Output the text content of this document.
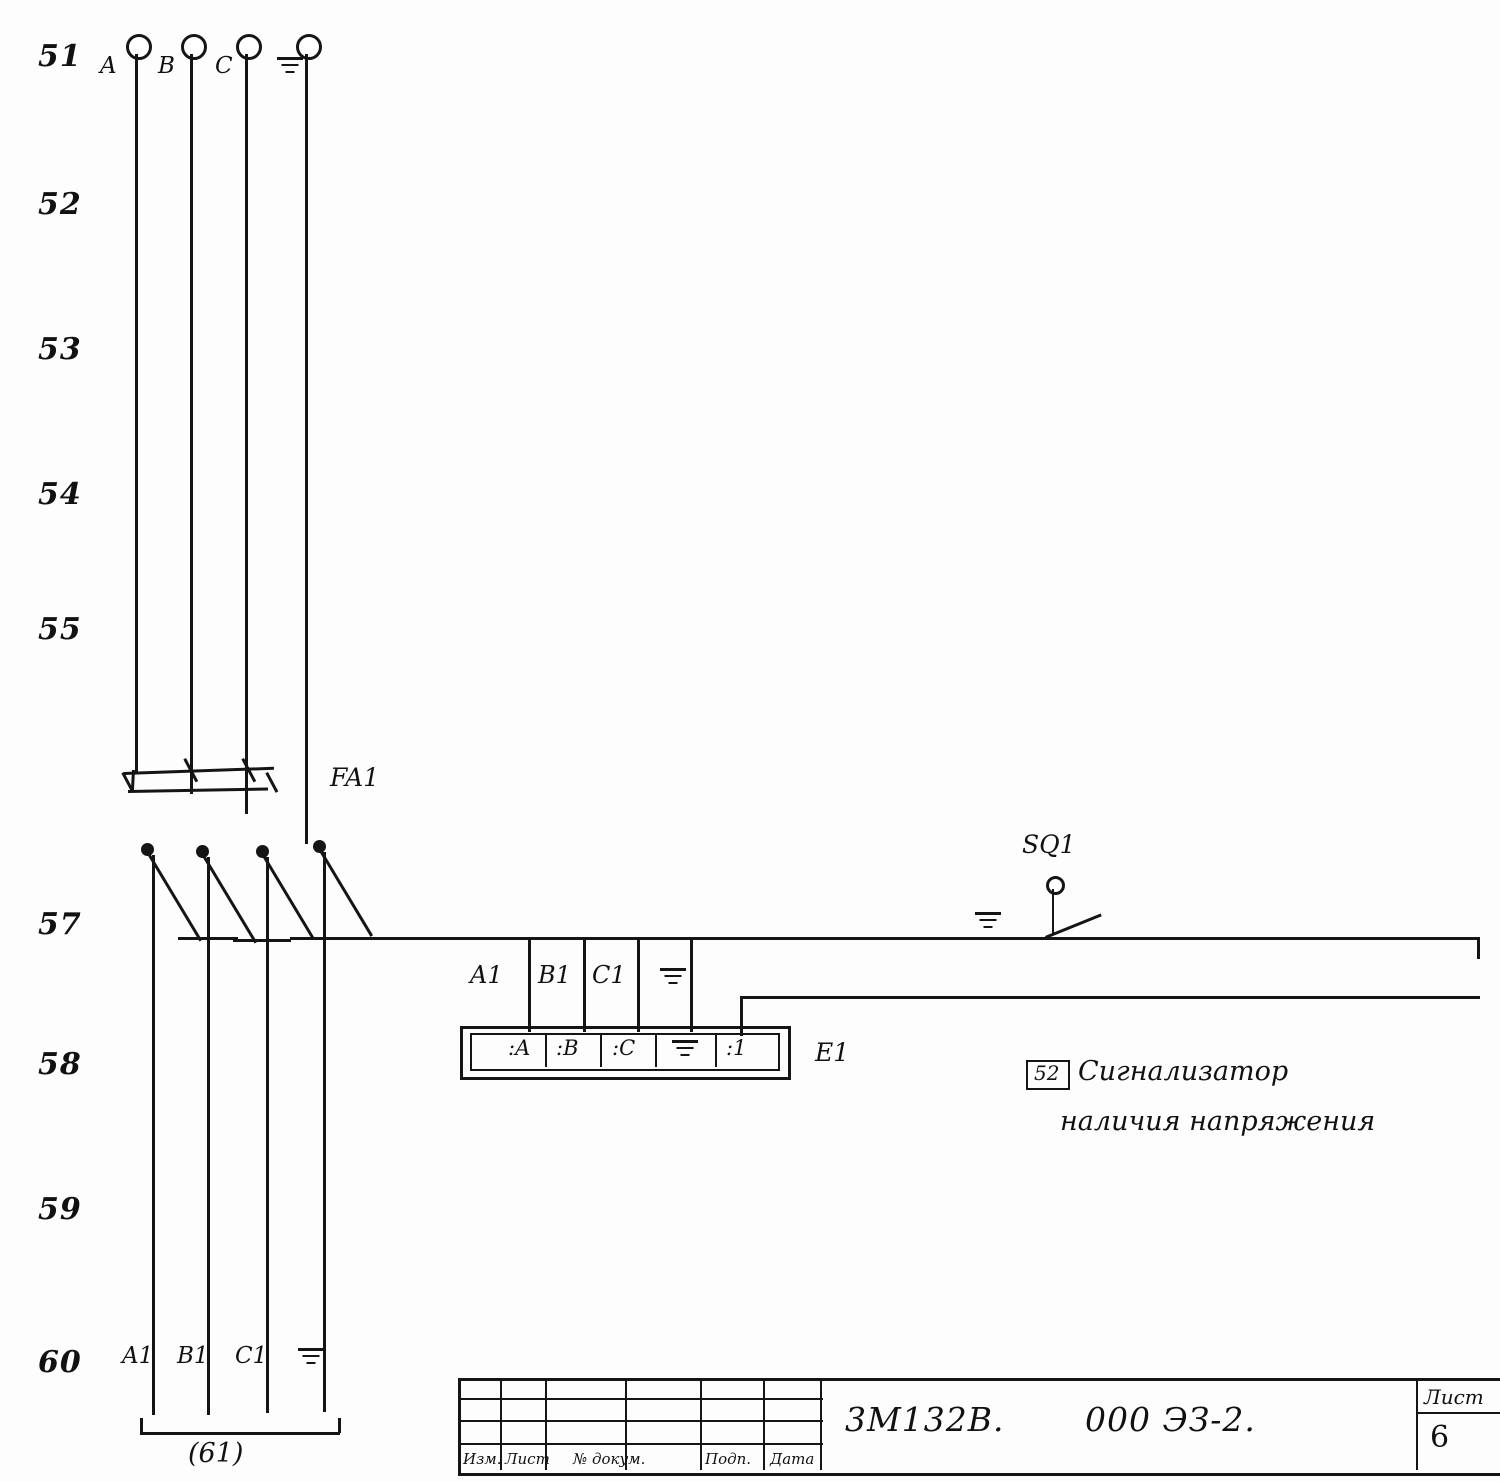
51
52
53
54
55
57
58
59
60
A B C
FA1
A1 B1 C1
(61)
A1 B1 C1
:A :B :C	:1	E1
SQ1
52 Сигнализатор
наличия напряжения
Изм. Лист № докум.	Подп. Дата
3М132В. 000 ЭЗ-2.
Лист
6
